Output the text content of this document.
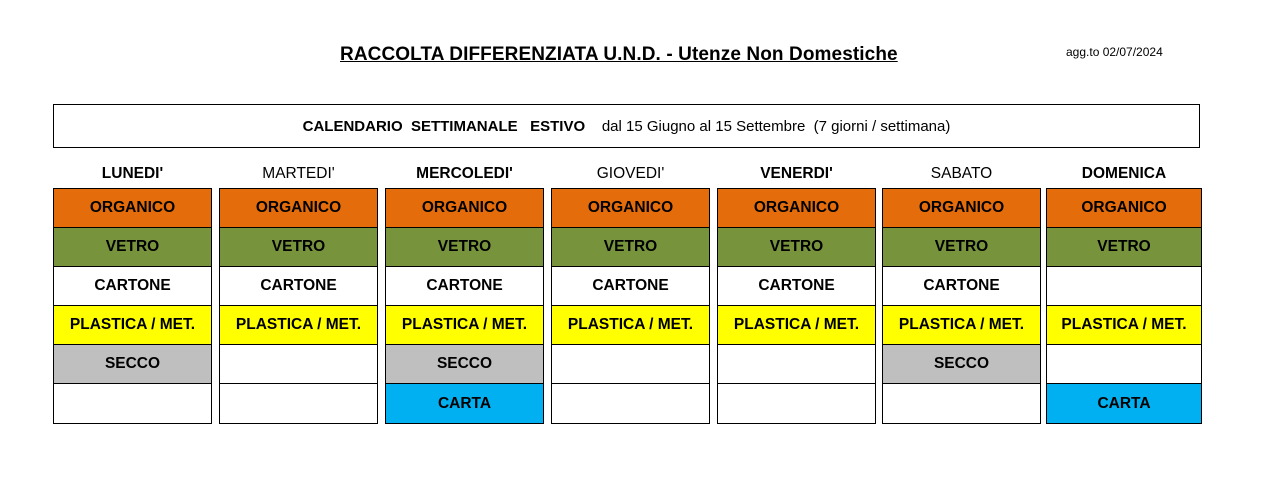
RACCOLTA DIFFERENZIATA U.N.D. - Utenze Non Domestiche	agg.to 02/07/2024
CALENDARIO  SETTIMANALE   ESTIVO
dal 15 Giugno al 15 Settembre  (7 giorni / settimana)
LUNEDI'
ORGANICO
VETRO
CARTONE
PLASTICA / MET.
SECCO
MARTEDI'
ORGANICO
VETRO
CARTONE
PLASTICA / MET.
MERCOLEDI'
ORGANICO
VETRO
CARTONE
PLASTICA / MET.
SECCO
CARTA
GIOVEDI'
ORGANICO
VETRO
CARTONE
PLASTICA / MET.
VENERDI'
ORGANICO
VETRO
CARTONE
PLASTICA / MET.
SABATO
ORGANICO
VETRO
CARTONE
PLASTICA / MET.
SECCO
DOMENICA
ORGANICO
VETRO
PLASTICA / MET.
CARTA
